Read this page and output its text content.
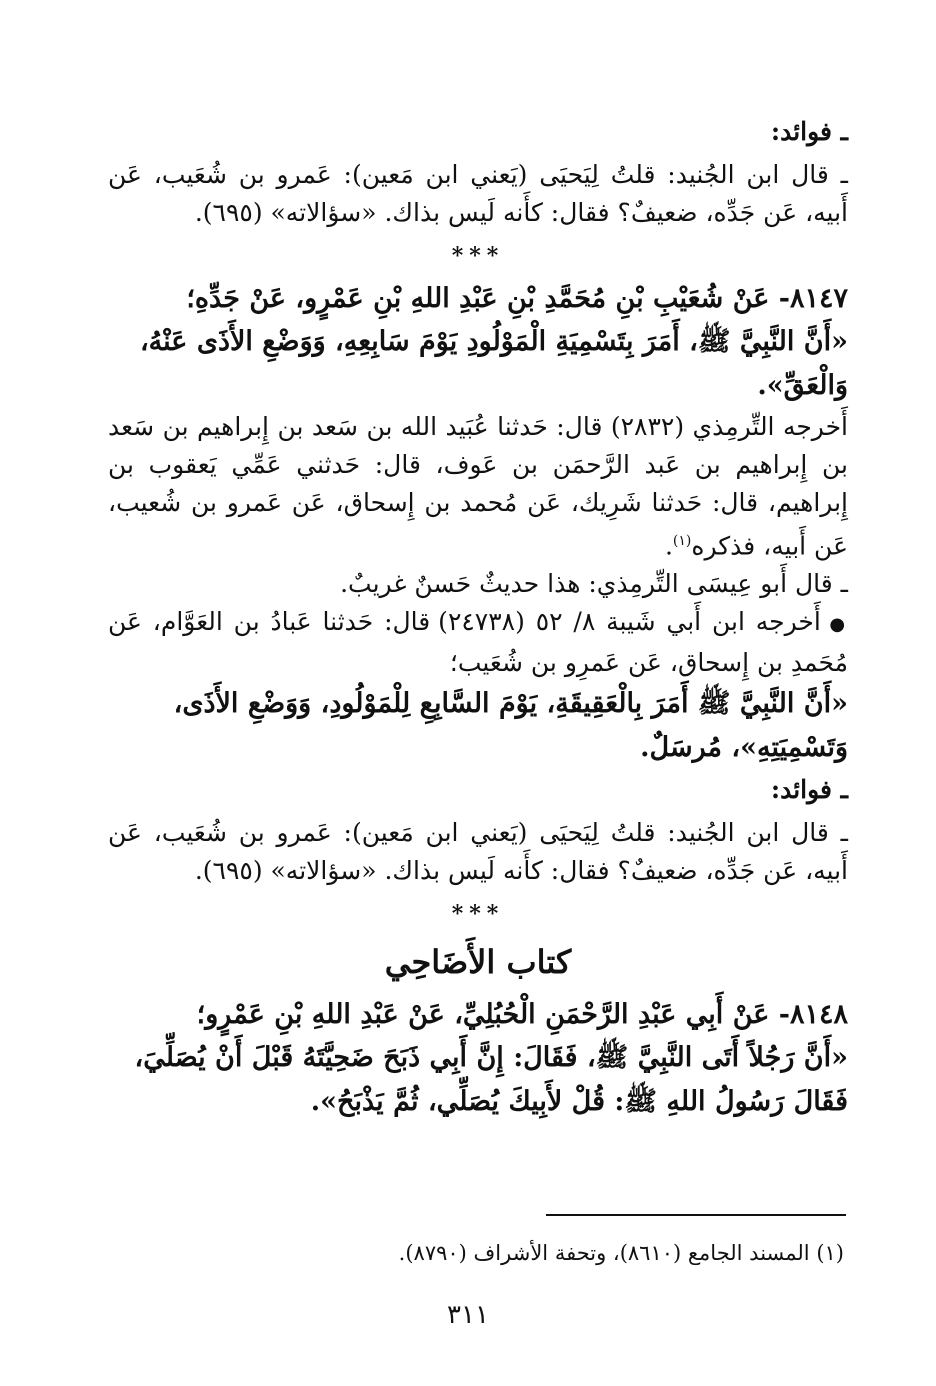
ـ فوائد:
ـ قال ابن الجُنيد: قلتُ لِيَحيَى (يَعني ابن مَعين): عَمرو بن شُعَيب، عَن أَبيه، عَن جَدِّه، ضعيفٌ؟ فقال: كأَنه لَيس بذاك. «سؤالاته» (٦٩٥).
***
٨١٤٧- عَنْ شُعَيْبِ بْنِ مُحَمَّدِ بْنِ عَبْدِ اللهِ بْنِ عَمْرٍو، عَنْ جَدِّهِ؛
«أَنَّ النَّبِيَّ ﷺ، أَمَرَ بِتَسْمِيَةِ الْمَوْلُودِ يَوْمَ سَابِعِهِ، وَوَضْعِ الأَذَى عَنْهُ، وَالْعَقِّ».
أَخرجه التِّرمِذي (٢٨٣٢) قال: حَدثنا عُبَيد الله بن سَعد بن إِبراهيم بن سَعد بن إِبراهيم بن عَبد الرَّحمَن بن عَوف، قال: حَدثني عَمِّي يَعقوب بن إِبراهيم، قال: حَدثنا شَرِيك، عَن مُحمد بن إِسحاق، عَن عَمرو بن شُعيب، عَن أَبيه، فذكره$^{(١)}$.
ـ قال أَبو عِيسَى التِّرمِذي: هذا حديثٌ حَسنٌ غريبٌ.
● أَخرجه ابن أَبي شَيبة ٨/ ٥٢ (٢٤٧٣٨) قال: حَدثنا عَبادُ بن العَوَّام، عَن مُحَمدِ بن إِسحاق، عَن عَمرِو بن شُعَيب؛
«أَنَّ النَّبِيَّ ﷺ أَمَرَ بِالْعَقِيقَةِ، يَوْمَ السَّابِعِ لِلْمَوْلُودِ، وَوَضْعِ الأَذَى، وَتَسْمِيَتِهِ»، مُرسَلٌ.
ـ فوائد:
ـ قال ابن الجُنيد: قلتُ لِيَحيَى (يَعني ابن مَعين): عَمرو بن شُعَيب، عَن أَبيه، عَن جَدِّه، ضعيفٌ؟ فقال: كأَنه لَيس بذاك. «سؤالاته» (٦٩٥).
***
كتاب الأَضَاحِي
٨١٤٨- عَنْ أَبِي عَبْدِ الرَّحْمَنِ الْحُبُلِيِّ، عَنْ عَبْدِ اللهِ بْنِ عَمْرٍو؛
«أَنَّ رَجُلاً أَتَى النَّبِيَّ ﷺ، فَقَالَ: إِنَّ أَبِي ذَبَحَ ضَحِيَّتَهُ قَبْلَ أَنْ يُصَلِّيَ، فَقَالَ رَسُولُ اللهِ ﷺ: قُلْ لأَبِيكَ يُصَلِّي، ثُمَّ يَذْبَحُ».
(١) المسند الجامع (٨٦١٠)، وتحفة الأشراف (٨٧٩٠).
٣١١
